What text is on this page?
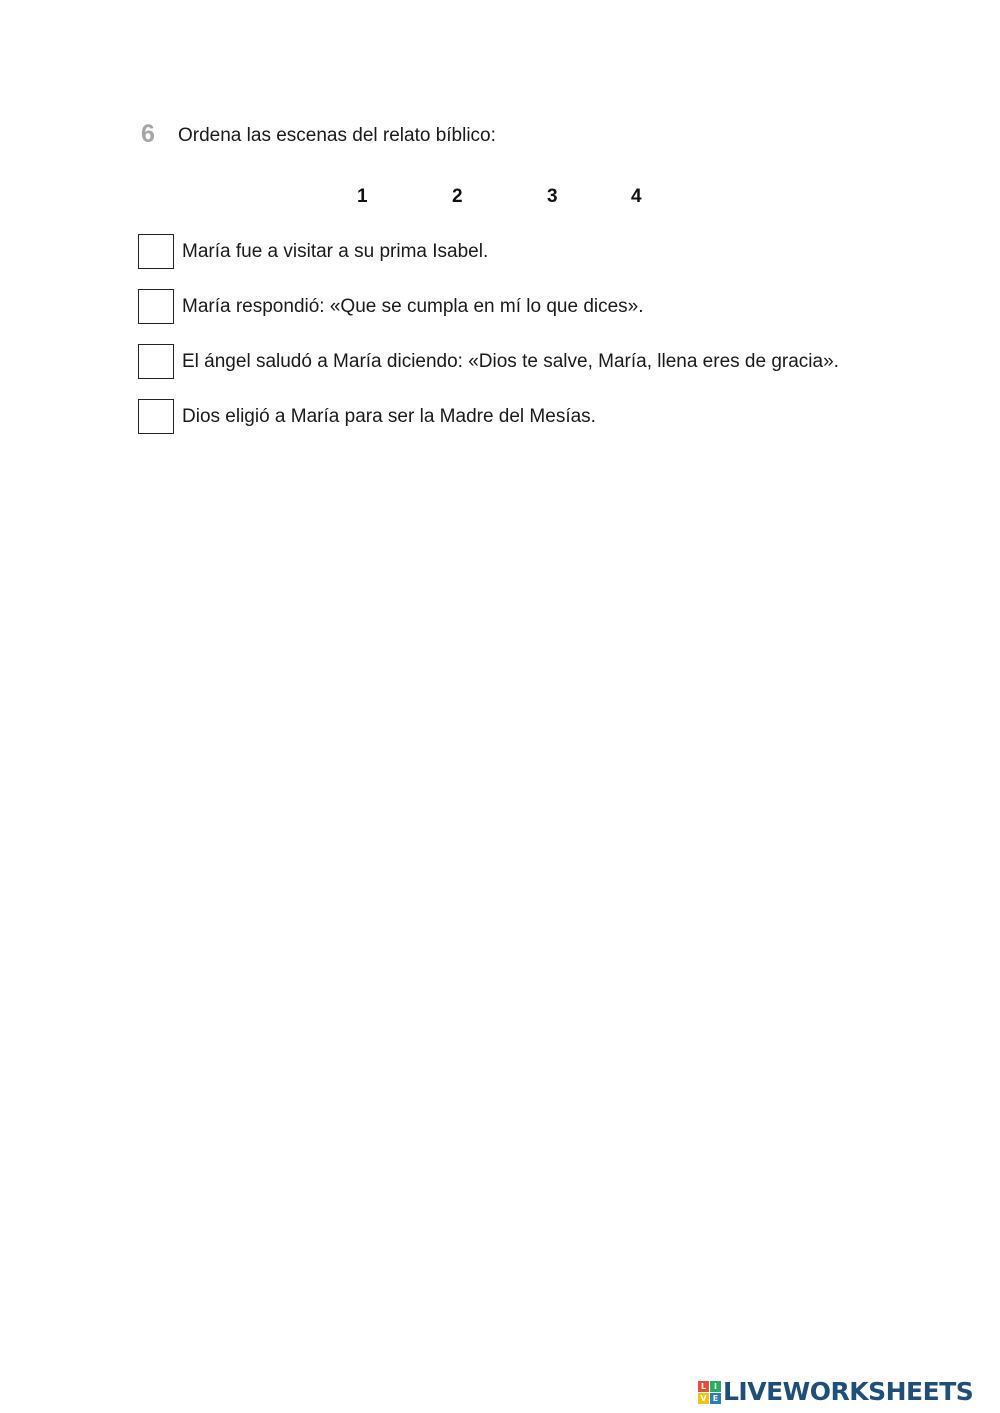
6 Ordena las escenas del relato bíblico:
1	2	3	4
María fue a visitar a su prima Isabel.
María respondió: «Que se cumpla en mí lo que dices».
El ángel saludó a María diciendo: «Dios te salve, María, llena eres de gracia».
Dios eligió a María para ser la Madre del Mesías.
L I
V E LIVEWORKSHEETS
